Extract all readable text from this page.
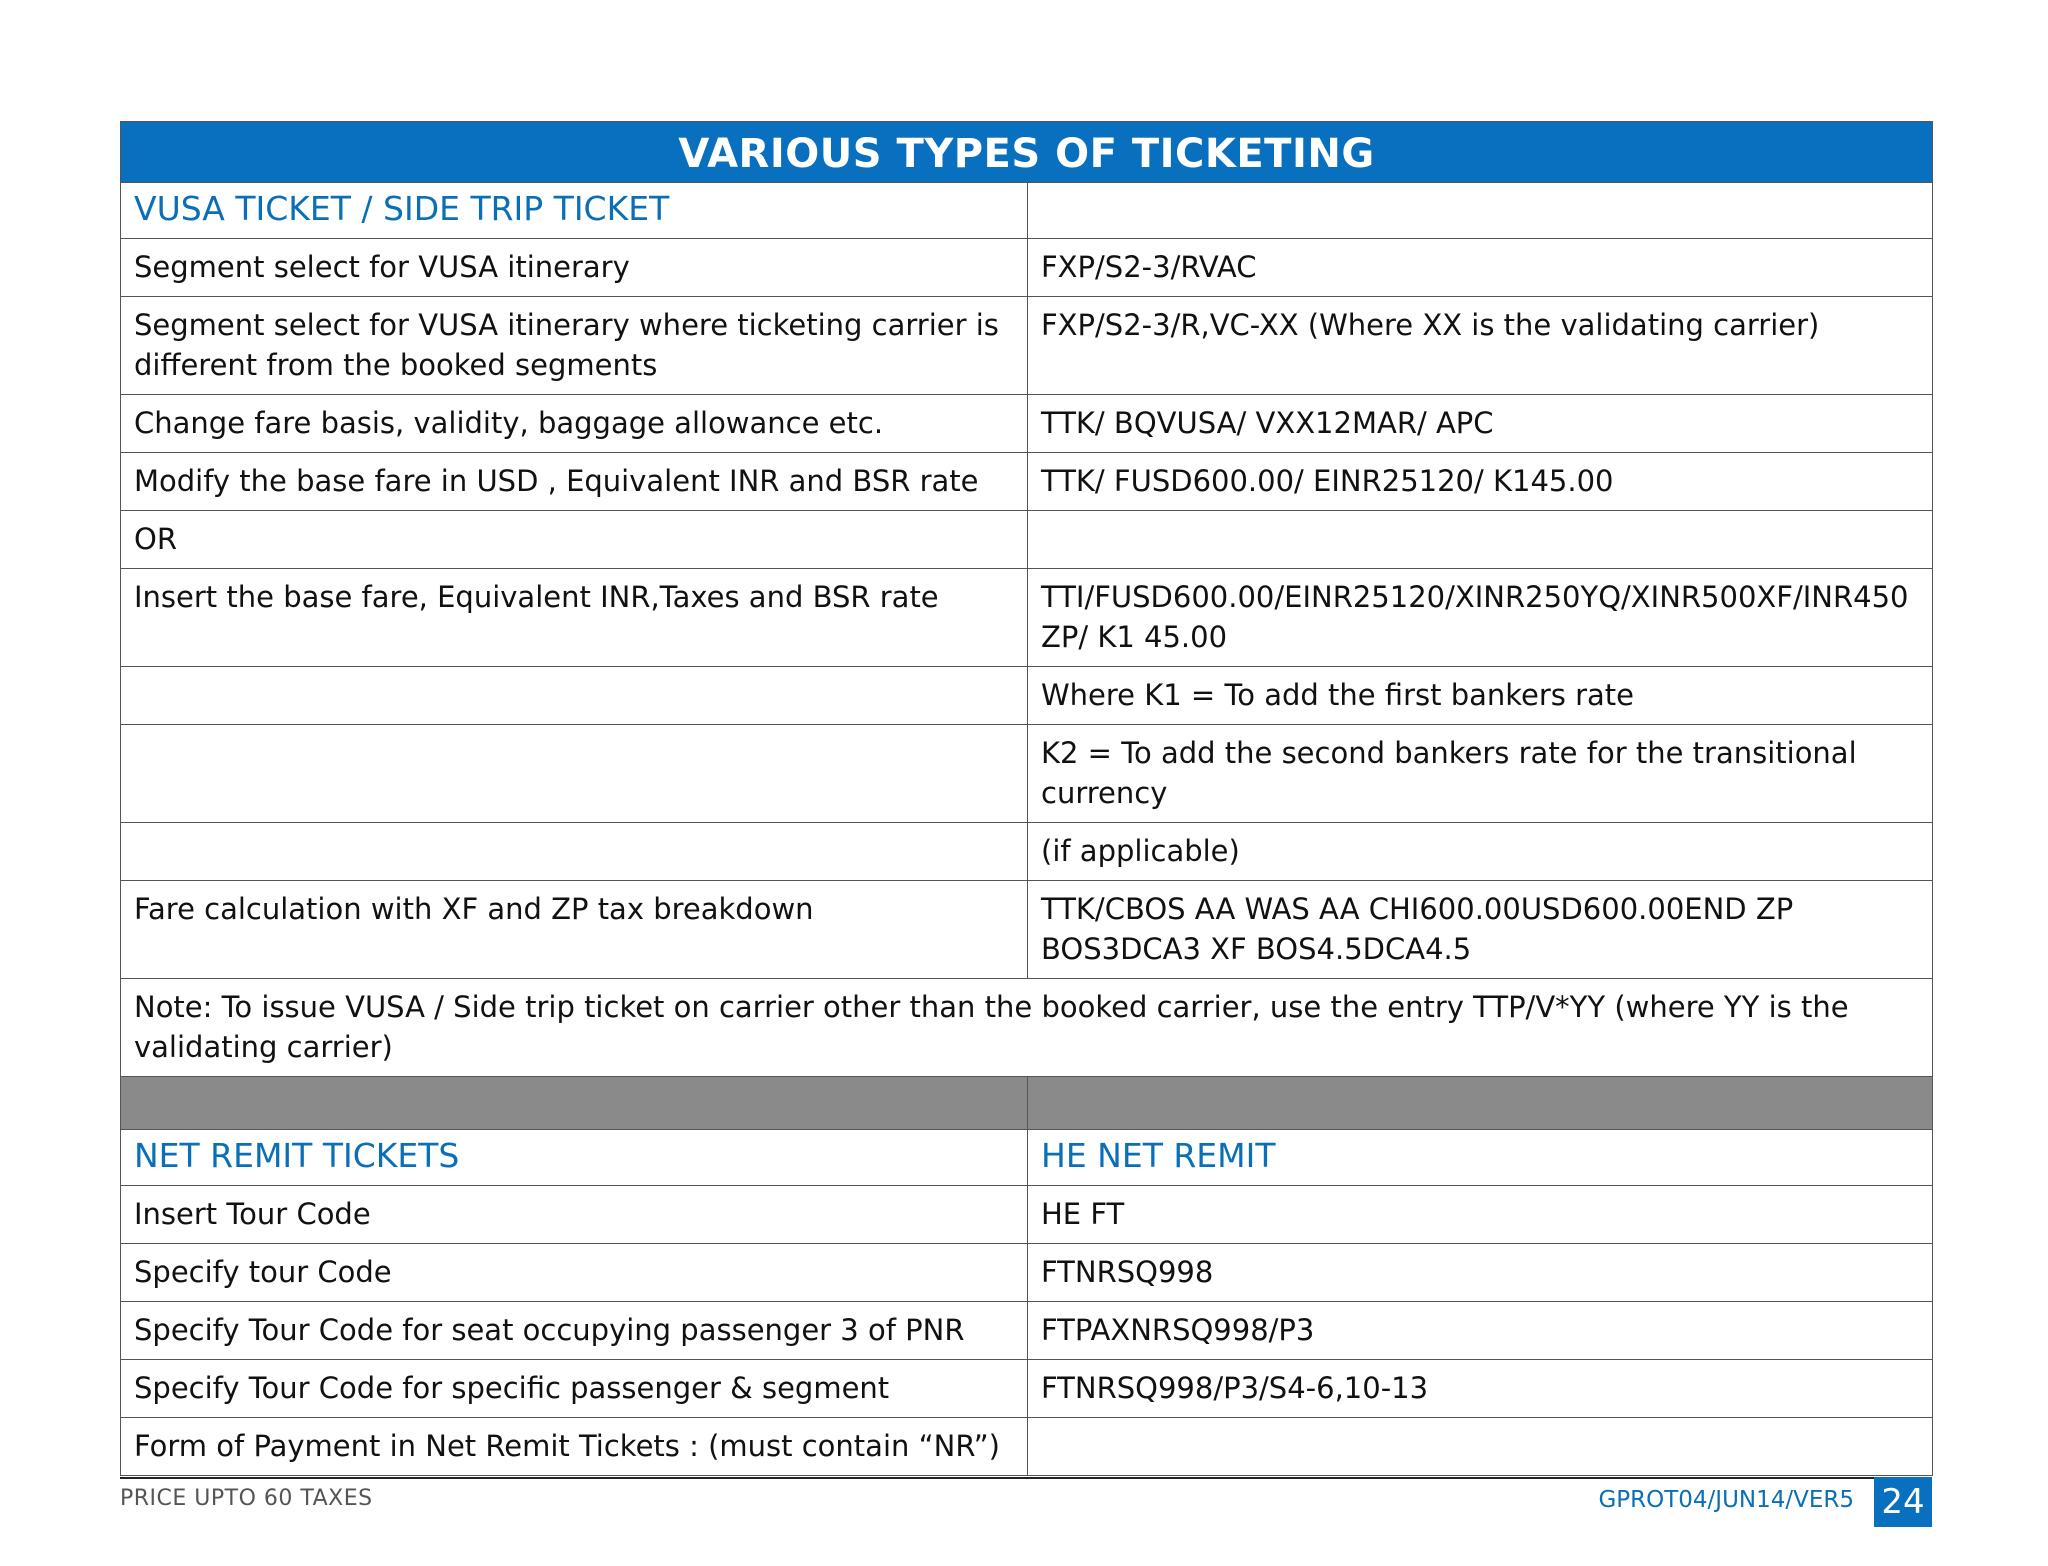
VARIOUS TYPES OF TICKETING	
VUSA TICKET / SIDE TRIP TICKET	
Segment select for VUSA itinerary	FXP/S2-3/RVAC
Segment select for VUSA itinerary where ticketing carrier is different from the booked segments	FXP/S2-3/R,VC-XX (Where XX is the validating carrier)
Change fare basis, validity, baggage allowance etc.	TTK/ BQVUSA/ VXX12MAR/ APC
Modify the base fare in USD , Equivalent INR and BSR rate	TTK/ FUSD600.00/ EINR25120/ K145.00
OR	
Insert the base fare, Equivalent INR,Taxes and BSR rate	TTI/FUSD600.00/EINR25120/XINR250YQ/XINR500XF/INR450ZP/ K1 45.00
	Where K1 = To add the first bankers rate
	K2 = To add the second bankers rate for the transitional currency
	(if applicable)
Fare calculation with XF and ZP tax breakdown	TTK/CBOS AA WAS AA CHI600.00USD600.00END ZP BOS3DCA3 XF BOS4.5DCA4.5
Note: To issue VUSA / Side trip ticket on carrier other than the booked carrier, use the entry TTP/V*YY (where YY is the validating carrier)	

NET REMIT TICKETS	HE NET REMIT
Insert Tour Code	HE FT
Specify tour Code	FTNRSQ998
Specify Tour Code for seat occupying passenger 3 of PNR	FTPAXNRSQ998/P3
Specify Tour Code for specific passenger & segment	FTNRSQ998/P3/S4-6,10-13
Form of Payment in Net Remit Tickets : (must contain “NR”)	
PRICE UPTO 60 TAXES	GPROT04/JUN14/VER5 24
